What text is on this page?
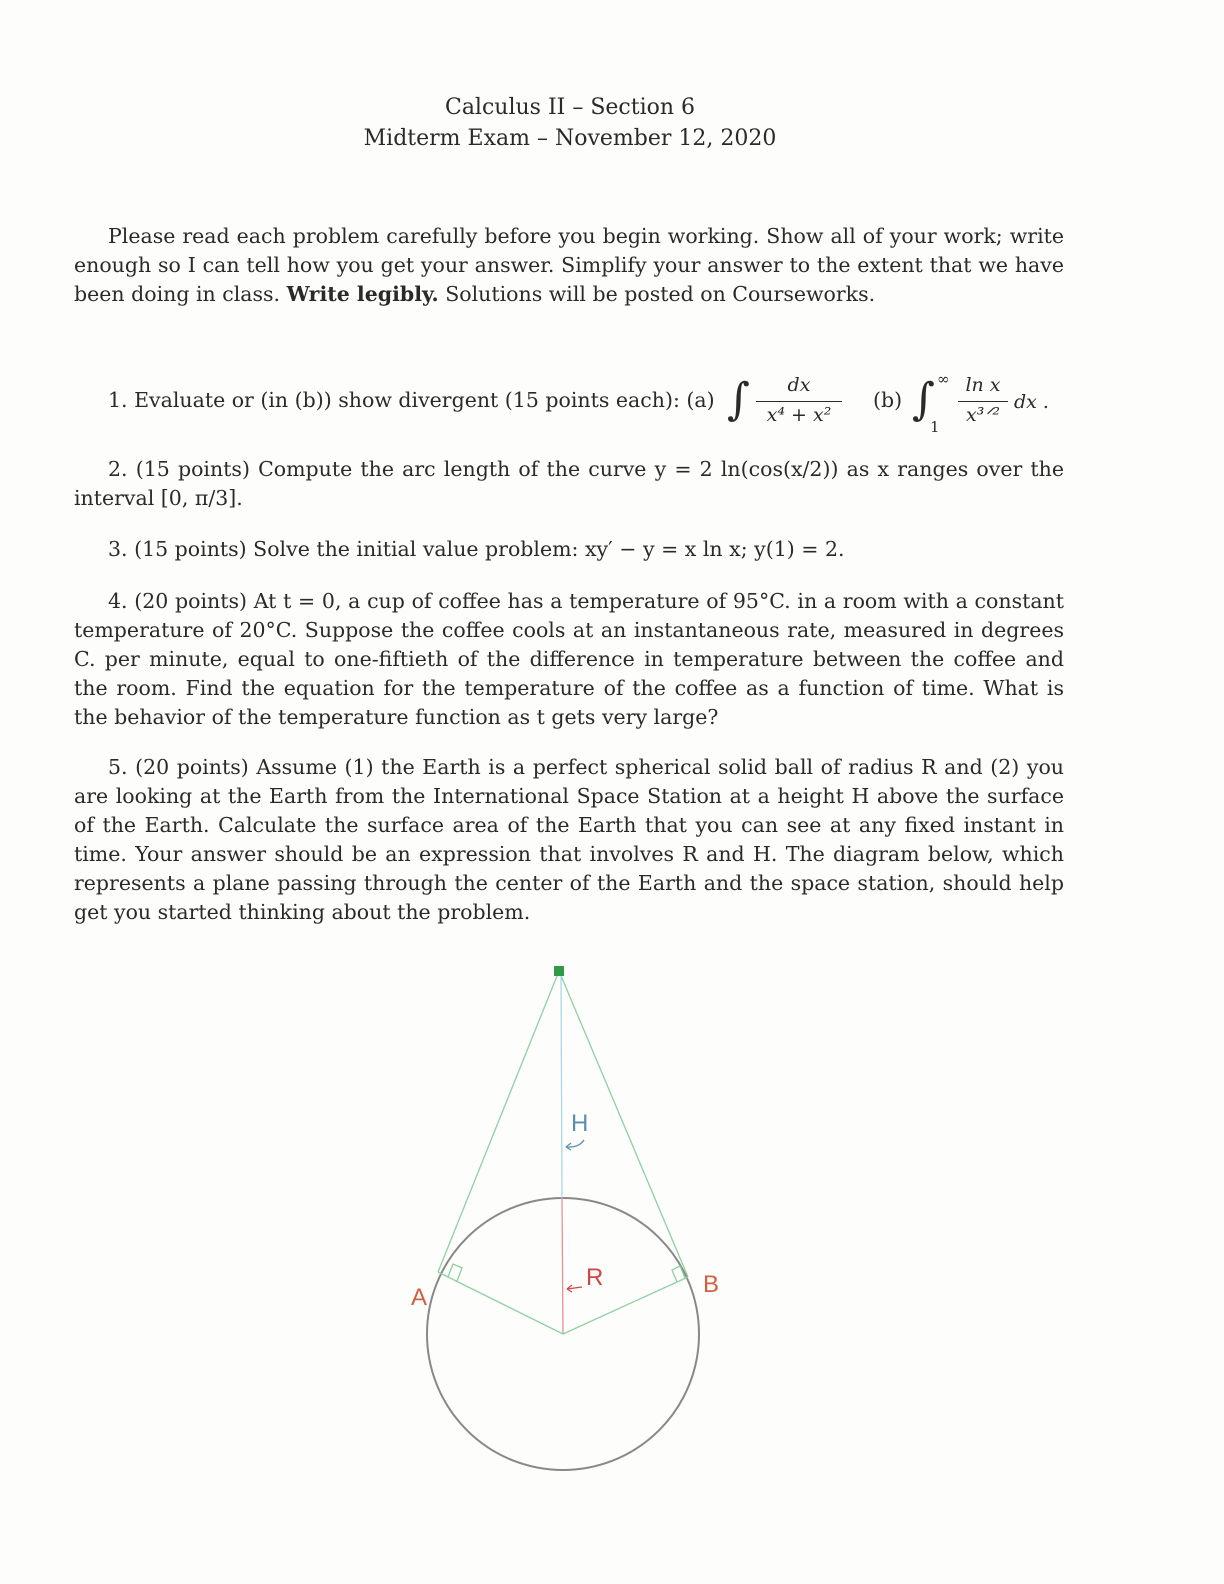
Calculus II – Section 6
Midterm Exam – November 12, 2020
Please read each problem carefully before you begin working. Show all of your work; write enough so I can tell how you get your answer. Simplify your answer to the extent that we have been doing in class. Write legibly. Solutions will be posted on Courseworks.
1. Evaluate or (in (b)) show divergent (15 points each): (a) ∫	dx
x⁴ + x²
(b) ∫ ∞
1
ln x
x³ᐟ²
dx .
2. (15 points) Compute the arc length of the curve y = 2 ln(cos(x/2)) as x ranges over the interval [0, π/3].
3. (15 points) Solve the initial value problem: xy′ − y = x ln x; y(1) = 2.
4. (20 points) At t = 0, a cup of coffee has a temperature of 95°C. in a room with a constant temperature of 20°C. Suppose the coffee cools at an instantaneous rate, measured in degrees C. per minute, equal to one-fiftieth of the difference in temperature between the coffee and the room. Find the equation for the temperature of the coffee as a function of time. What is the behavior of the temperature function as t gets very large?
5. (20 points) Assume (1) the Earth is a perfect spherical solid ball of radius R and (2) you are looking at the Earth from the International Space Station at a height H above the surface of the Earth. Calculate the surface area of the Earth that you can see at any fixed instant in time. Your answer should be an expression that involves R and H. The diagram below, which represents a plane passing through the center of the Earth and the space station, should help get you started thinking about the problem.
H
R
A	B
